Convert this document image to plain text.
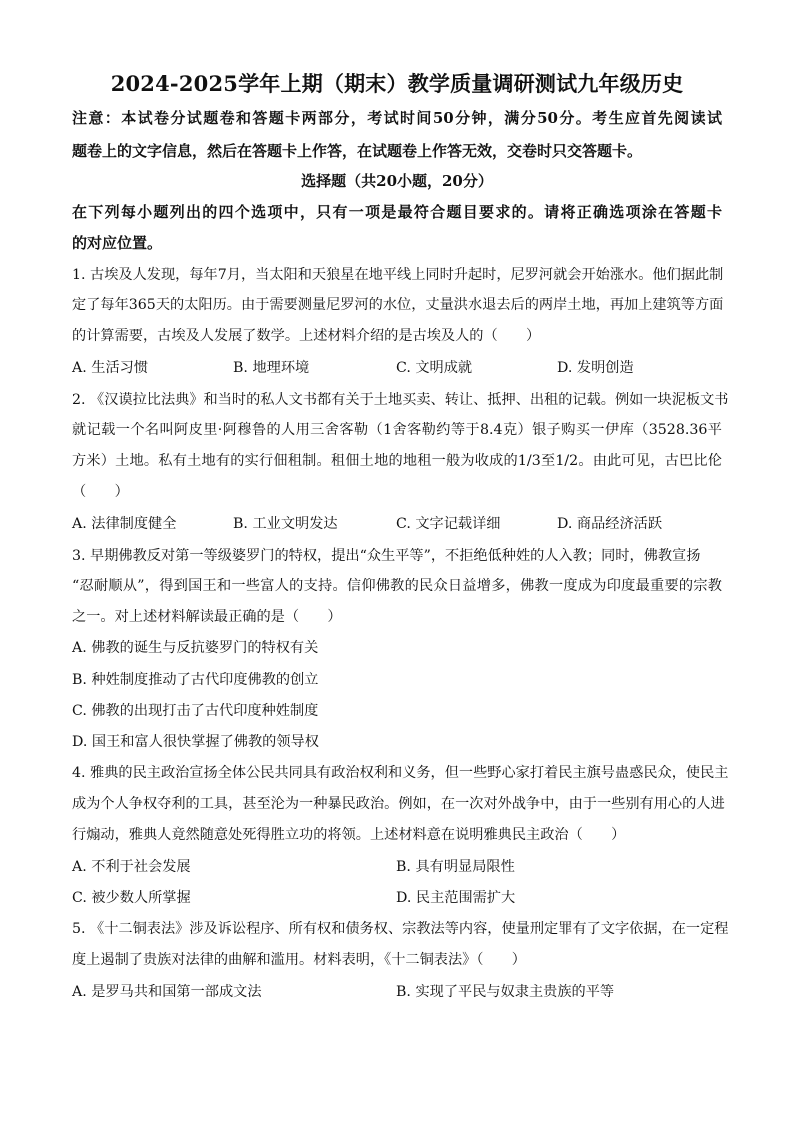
2024-2025学年上期（期末）教学质量调研测试九年级历史
注意：本试卷分试题卷和答题卡两部分，考试时间50分钟，满分50分。考生应首先阅读试
题卷上的文字信息，然后在答题卡上作答，在试题卷上作答无效，交卷时只交答题卡。
选择题（共20小题，20分）
在下列每小题列出的四个选项中，只有一项是最符合题目要求的。请将正确选项涂在答题卡
的对应位置。
1. 古埃及人发现，每年7月，当太阳和天狼星在地平线上同时升起时，尼罗河就会开始涨水。他们据此制
定了每年365天的太阳历。由于需要测量尼罗河的水位，丈量洪水退去后的两岸土地，再加上建筑等方面
的计算需要，古埃及人发展了数学。上述材料介绍的是古埃及人的（　　）
A. 生活习惯	B. 地理环境	C. 文明成就	D. 发明创造
2. 《汉谟拉比法典》和当时的私人文书都有关于土地买卖、转让、抵押、出租的记载。例如一块泥板文书
就记载一个名叫阿皮里·阿穆鲁的人用三舍客勒（1舍客勒约等于8.4克）银子购买一伊库（3528.36平
方米）土地。私有土地有的实行佃租制。租佃土地的地租一般为收成的1/3至1/2。由此可见，古巴比伦
（　　）
A. 法律制度健全	B. 工业文明发达	C. 文字记载详细	D. 商品经济活跃
3. 早期佛教反对第一等级婆罗门的特权，提出“众生平等”，不拒绝低种姓的人入教；同时，佛教宣扬
“忍耐顺从”，得到国王和一些富人的支持。信仰佛教的民众日益增多，佛教一度成为印度最重要的宗教
之一。对上述材料解读最正确的是（　　）
A. 佛教的诞生与反抗婆罗门的特权有关
B. 种姓制度推动了古代印度佛教的创立
C. 佛教的出现打击了古代印度种姓制度
D. 国王和富人很快掌握了佛教的领导权
4. 雅典的民主政治宣扬全体公民共同具有政治权利和义务，但一些野心家打着民主旗号蛊惑民众，使民主
成为个人争权夺利的工具，甚至沦为一种暴民政治。例如，在一次对外战争中，由于一些别有用心的人进
行煽动，雅典人竟然随意处死得胜立功的将领。上述材料意在说明雅典民主政治（　　）
A. 不利于社会发展	B. 具有明显局限性
C. 被少数人所掌握	D. 民主范围需扩大
5. 《十二铜表法》涉及诉讼程序、所有权和债务权、宗教法等内容，使量刑定罪有了文字依据，在一定程
度上遏制了贵族对法律的曲解和滥用。材料表明，《十二铜表法》（　　）
A. 是罗马共和国第一部成文法	B. 实现了平民与奴隶主贵族的平等
